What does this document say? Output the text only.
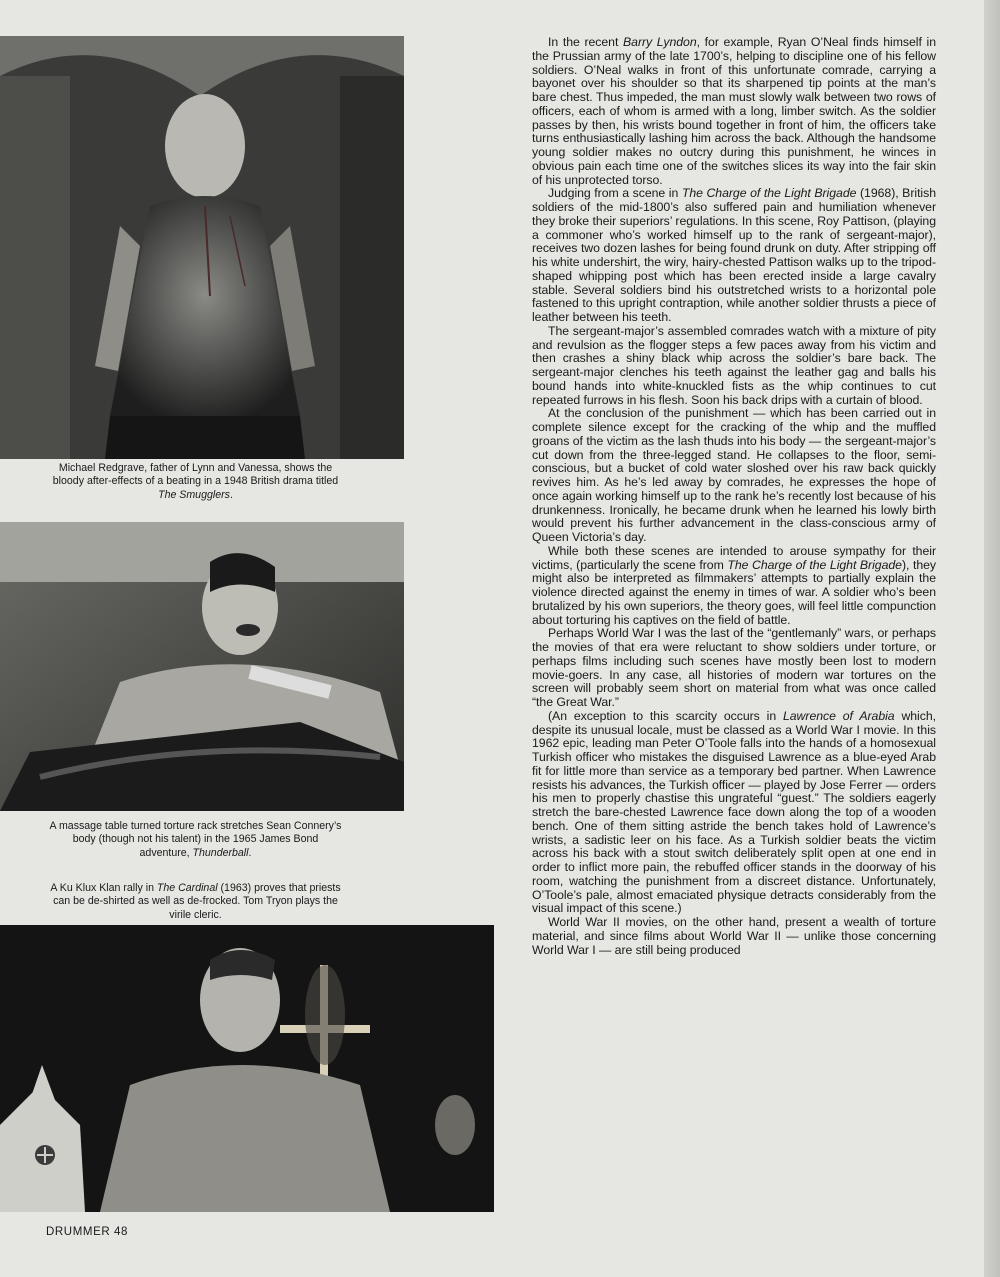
Michael Redgrave, father of Lynn and Vanessa, shows the bloody after-effects of a beating in a 1948 British drama titled The Smugglers.
A massage table turned torture rack stretches Sean Connery’s body (though not his talent) in the 1965 James Bond adventure, Thunderball.
A Ku Klux Klan rally in The Cardinal (1963) proves that priests can be de-shirted as well as de-frocked. Tom Tryon plays the virile cleric.

In the recent Barry Lyndon, for example, Ryan O’Neal finds himself in the Prussian army of the late 1700’s, helping to discipline one of his fellow soldiers. O’Neal walks in front of this unfortunate comrade, carrying a bayonet over his shoulder so that its sharpened tip points at the man’s bare chest. Thus impeded, the man must slowly walk between two rows of officers, each of whom is armed with a long, limber switch. As the soldier passes by then, his wrists bound together in front of him, the officers take turns enthusiastically lashing him across the back. Although the handsome young soldier makes no outcry during this punishment, he winces in obvious pain each time one of the switches slices its way into the fair skin of his unprotected torso.

Judging from a scene in The Charge of the Light Brigade (1968), British soldiers of the mid-1800’s also suffered pain and humiliation whenever they broke their superiors’ regulations. In this scene, Roy Pattison, (playing a commoner who’s worked himself up to the rank of sergeant-major), receives two dozen lashes for being found drunk on duty. After stripping off his white undershirt, the wiry, hairy-chested Pattison walks up to the tripod-shaped whipping post which has been erected inside a large cavalry stable. Several soldiers bind his outstretched wrists to a horizontal pole fastened to this upright contraption, while another soldier thrusts a piece of leather between his teeth.

The sergeant-major’s assembled comrades watch with a mixture of pity and revulsion as the flogger steps a few paces away from his victim and then crashes a shiny black whip across the soldier’s bare back. The sergeant-major clenches his teeth against the leather gag and balls his bound hands into white-knuckled fists as the whip continues to cut repeated furrows in his flesh. Soon his back drips with a curtain of blood.

At the conclusion of the punishment — which has been carried out in complete silence except for the cracking of the whip and the muffled groans of the victim as the lash thuds into his body — the sergeant-major’s cut down from the three-legged stand. He collapses to the floor, semi-conscious, but a bucket of cold water sloshed over his raw back quickly revives him. As he’s led away by comrades, he expresses the hope of once again working himself up to the rank he’s recently lost because of his drunkenness. Ironically, he became drunk when he learned his lowly birth would prevent his further advancement in the class-conscious army of Queen Victoria’s day.

While both these scenes are intended to arouse sympathy for their victims, (particularly the scene from The Charge of the Light Brigade), they might also be interpreted as filmmakers’ attempts to partially explain the violence directed against the enemy in times of war. A soldier who’s been brutalized by his own superiors, the theory goes, will feel little compunction about torturing his captives on the field of battle.

Perhaps World War I was the last of the “gentlemanly” wars, or perhaps the movies of that era were reluctant to show soldiers under torture, or perhaps films including such scenes have mostly been lost to modern movie-goers. In any case, all histories of modern war tortures on the screen will probably seem short on material from what was once called “the Great War.”

(An exception to this scarcity occurs in Lawrence of Arabia which, despite its unusual locale, must be classed as a World War I movie. In this 1962 epic, leading man Peter O’Toole falls into the hands of a homosexual Turkish officer who mistakes the disguised Lawrence as a blue-eyed Arab fit for little more than service as a temporary bed partner. When Lawrence resists his advances, the Turkish officer — played by Jose Ferrer — orders his men to properly chastise this ungrateful “guest.” The soldiers eagerly stretch the bare-chested Lawrence face down along the top of a wooden bench. One of them sitting astride the bench takes hold of Lawrence’s wrists, a sadistic leer on his face. As a Turkish soldier beats the victim across his back with a stout switch deliberately split open at one end in order to inflict more pain, the rebuffed officer stands in the doorway of his room, watching the punishment from a discreet distance. Unfortunately, O’Toole’s pale, almost emaciated physique detracts considerably from the visual impact of this scene.)

World War II movies, on the other hand, present a wealth of torture material, and since films about World War II — unlike those concerning World War I — are still being produced

DRUMMER 48
